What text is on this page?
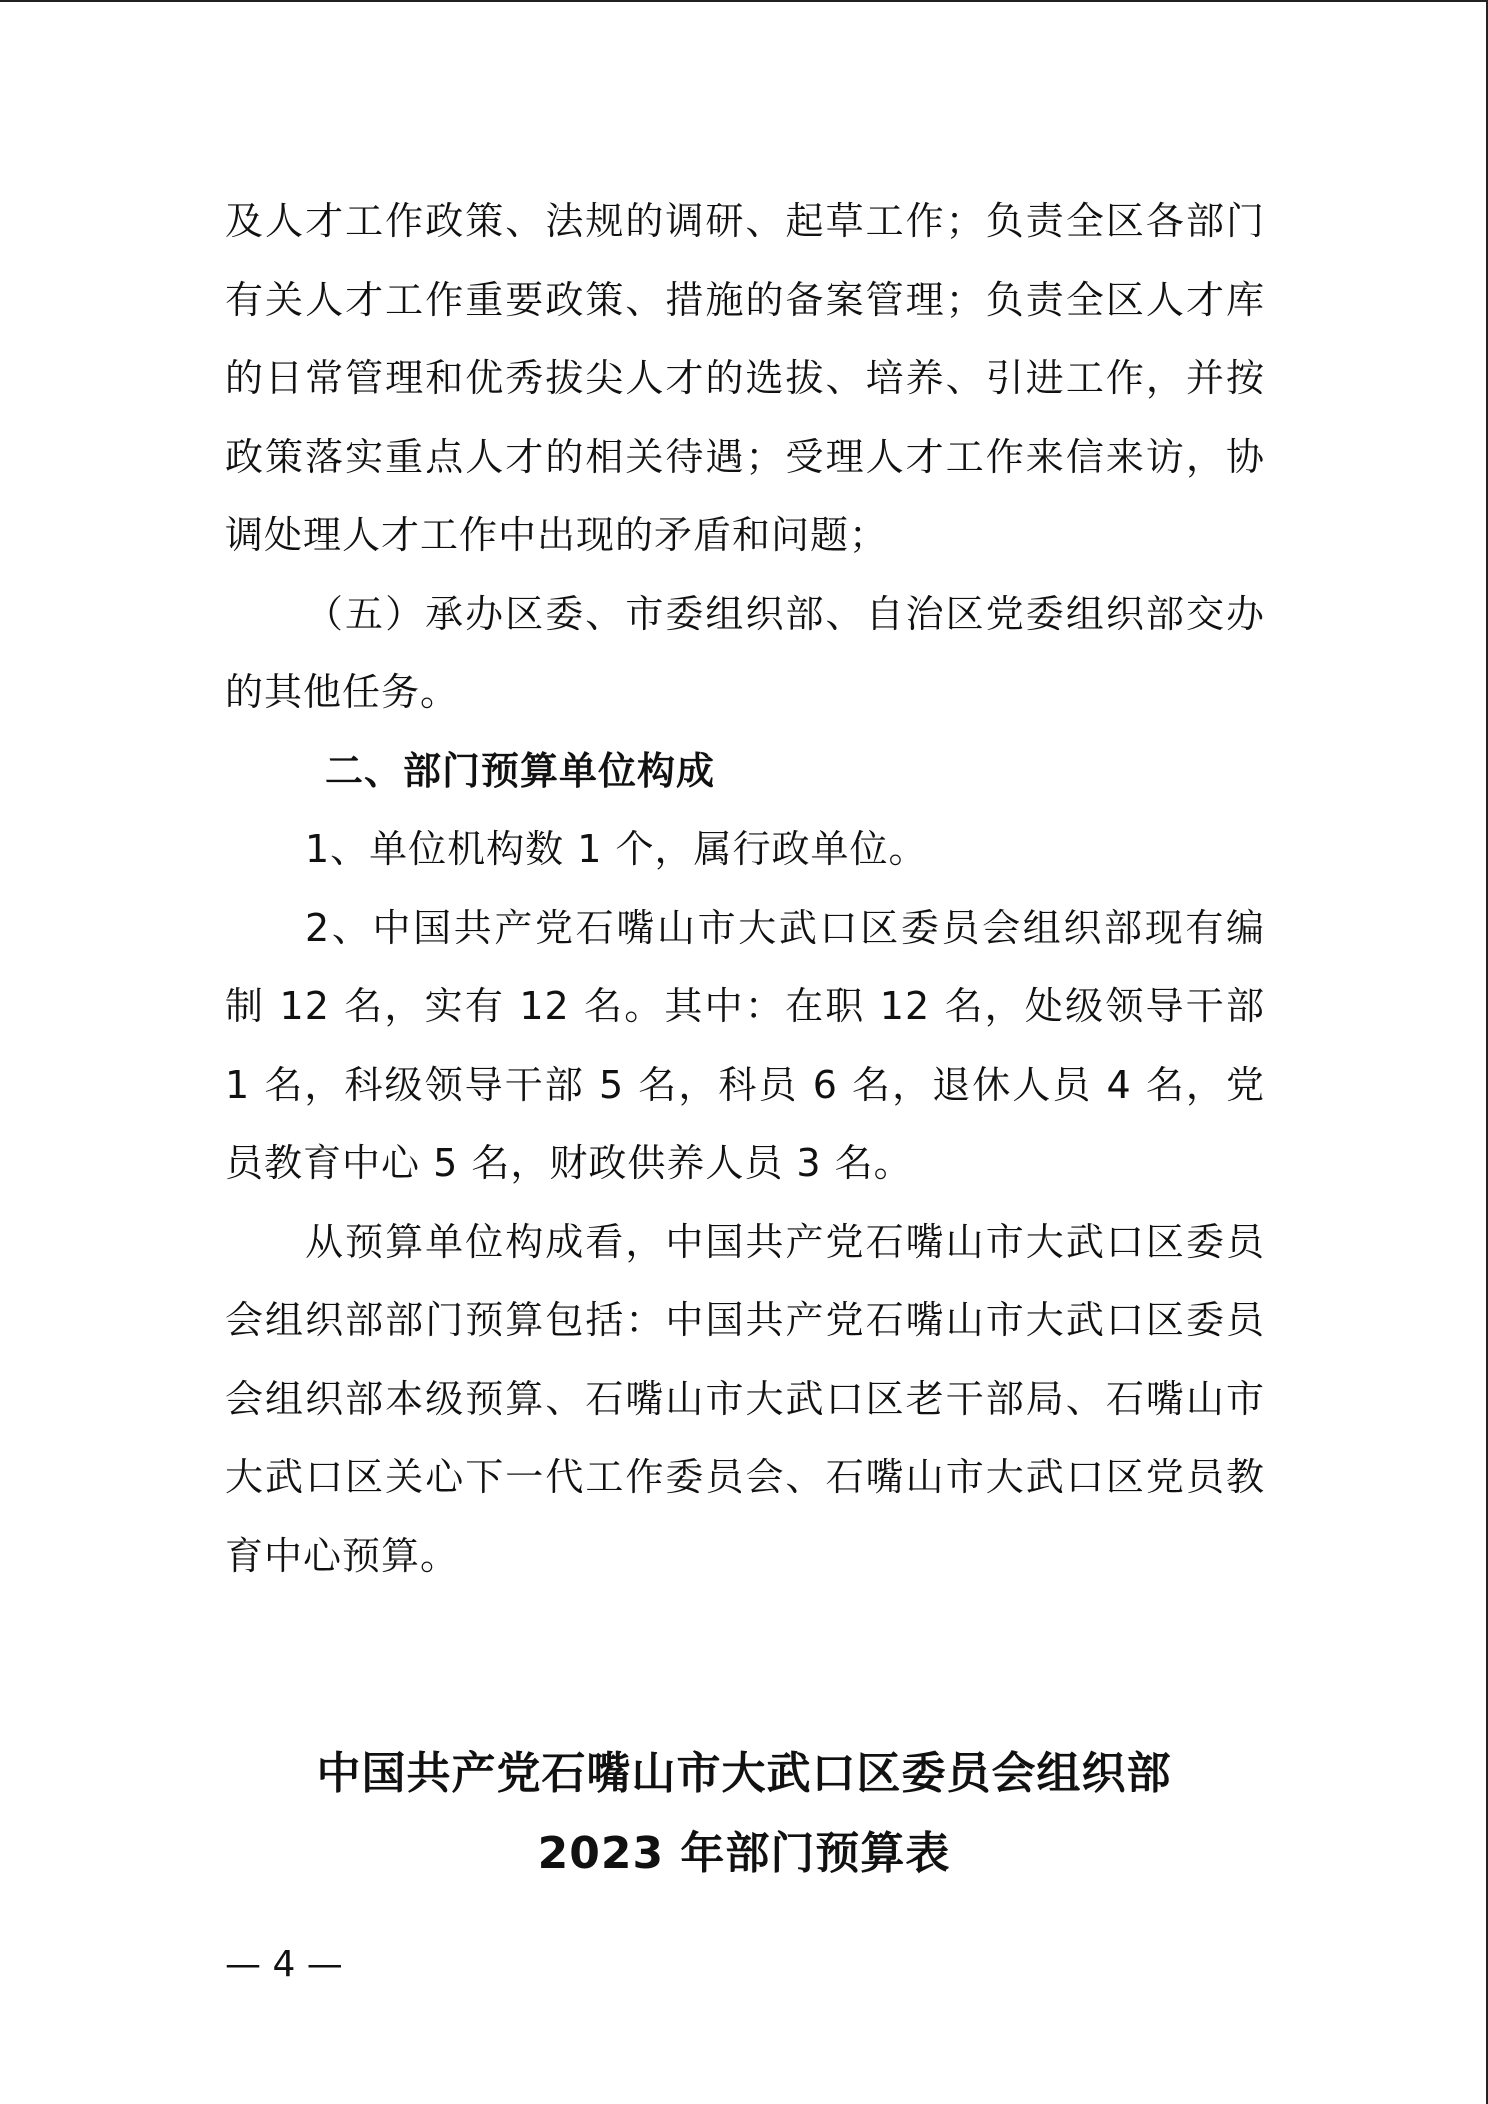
及人才工作政策、法规的调研、起草工作；负责全区各部门有关人才工作重要政策、措施的备案管理；负责全区人才库的日常管理和优秀拔尖人才的选拔、培养、引进工作，并按政策落实重点人才的相关待遇；受理人才工作来信来访，协调处理人才工作中出现的矛盾和问题；

（五）承办区委、市委组织部、自治区党委组织部交办的其他任务。

二、部门预算单位构成

1、单位机构数 1 个，属行政单位。

2、中国共产党石嘴山市大武口区委员会组织部现有编制 12 名，实有 12 名。其中：在职 12 名，处级领导干部 1 名，科级领导干部 5 名，科员 6 名，退休人员 4 名，党员教育中心 5 名，财政供养人员 3 名。

从预算单位构成看，中国共产党石嘴山市大武口区委员会组织部部门预算包括：中国共产党石嘴山市大武口区委员会组织部本级预算、石嘴山市大武口区老干部局、石嘴山市大武口区关心下一代工作委员会、石嘴山市大武口区党员教育中心预算。

中国共产党石嘴山市大武口区委员会组织部
2023 年部门预算表
— 4 —
